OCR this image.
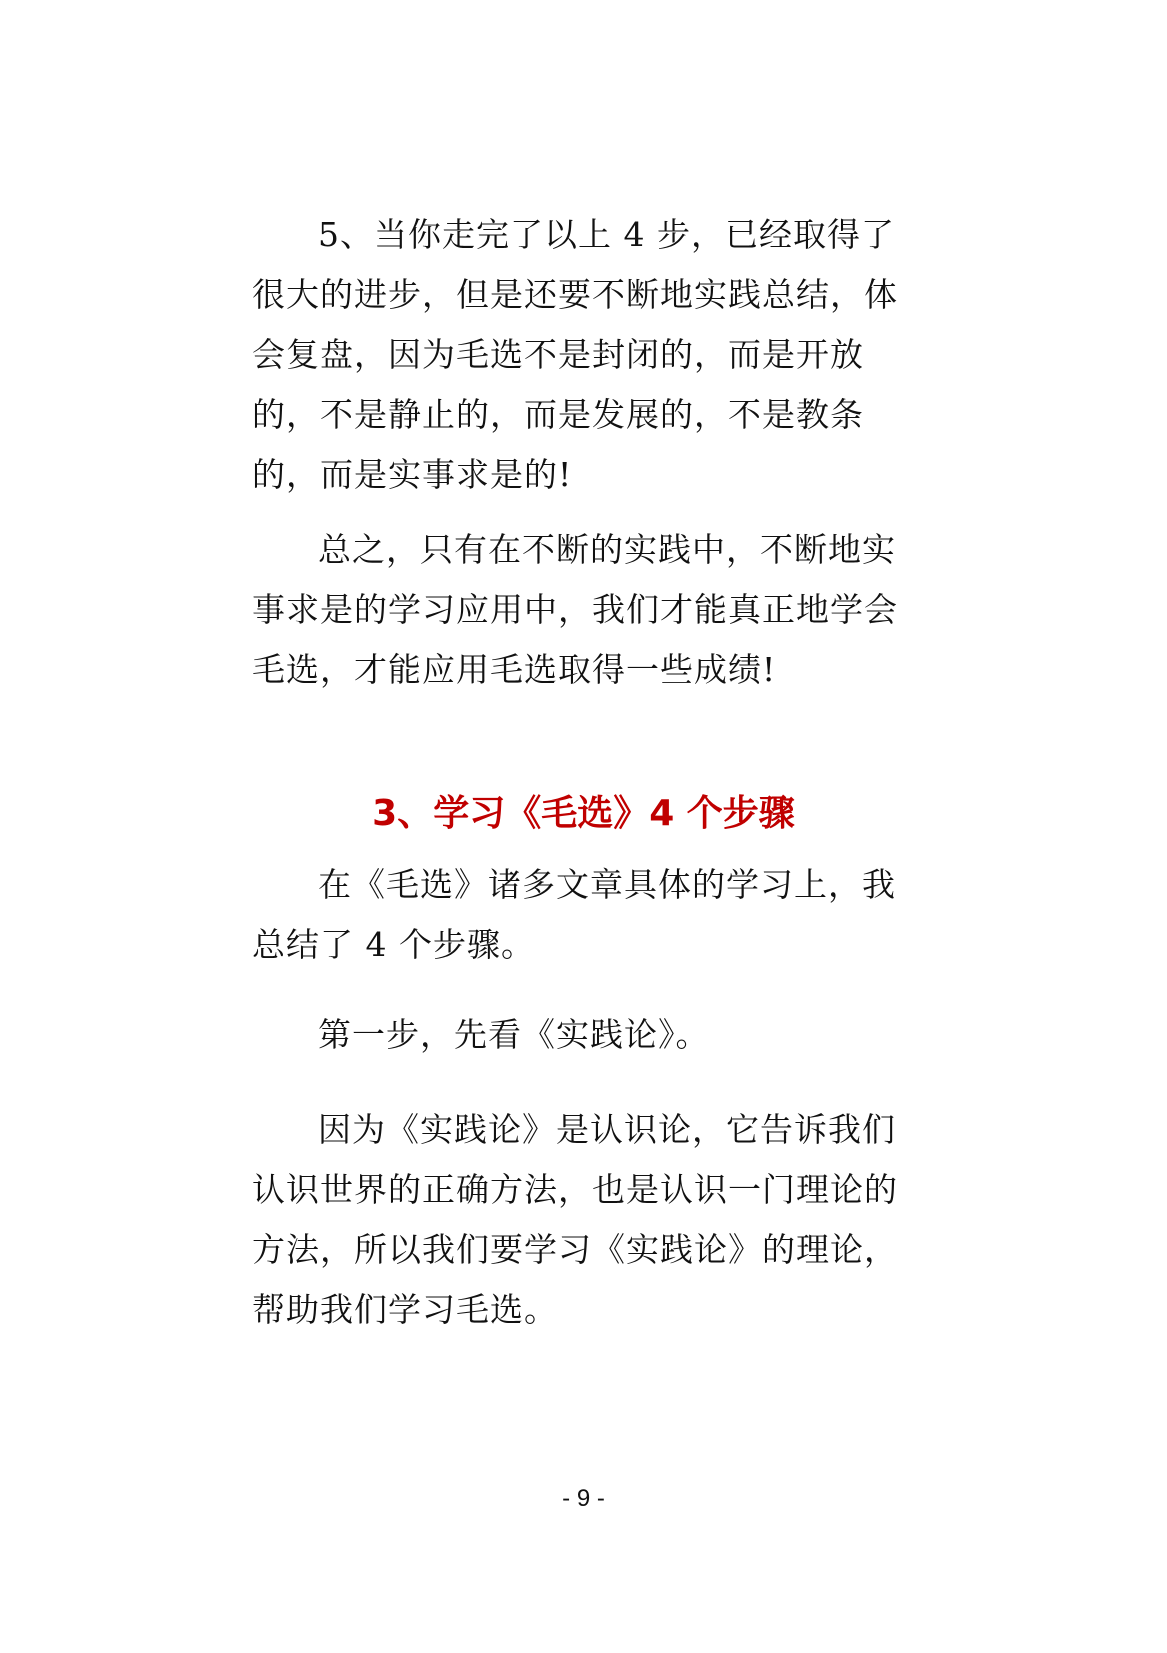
5、当你走完了以上 4 步，已经取得了很大的进步，但是还要不断地实践总结，体会复盘，因为毛选不是封闭的，而是开放的，不是静止的，而是发展的，不是教条的，而是实事求是的!

总之，只有在不断的实践中，不断地实事求是的学习应用中，我们才能真正地学会毛选，才能应用毛选取得一些成绩!

3、学习《毛选》4 个步骤

在《毛选》诸多文章具体的学习上，我总结了 4 个步骤。

第一步，先看《实践论》。

因为《实践论》是认识论，它告诉我们认识世界的正确方法，也是认识一门理论的方法，所以我们要学习《实践论》的理论，帮助我们学习毛选。

- 9 -
